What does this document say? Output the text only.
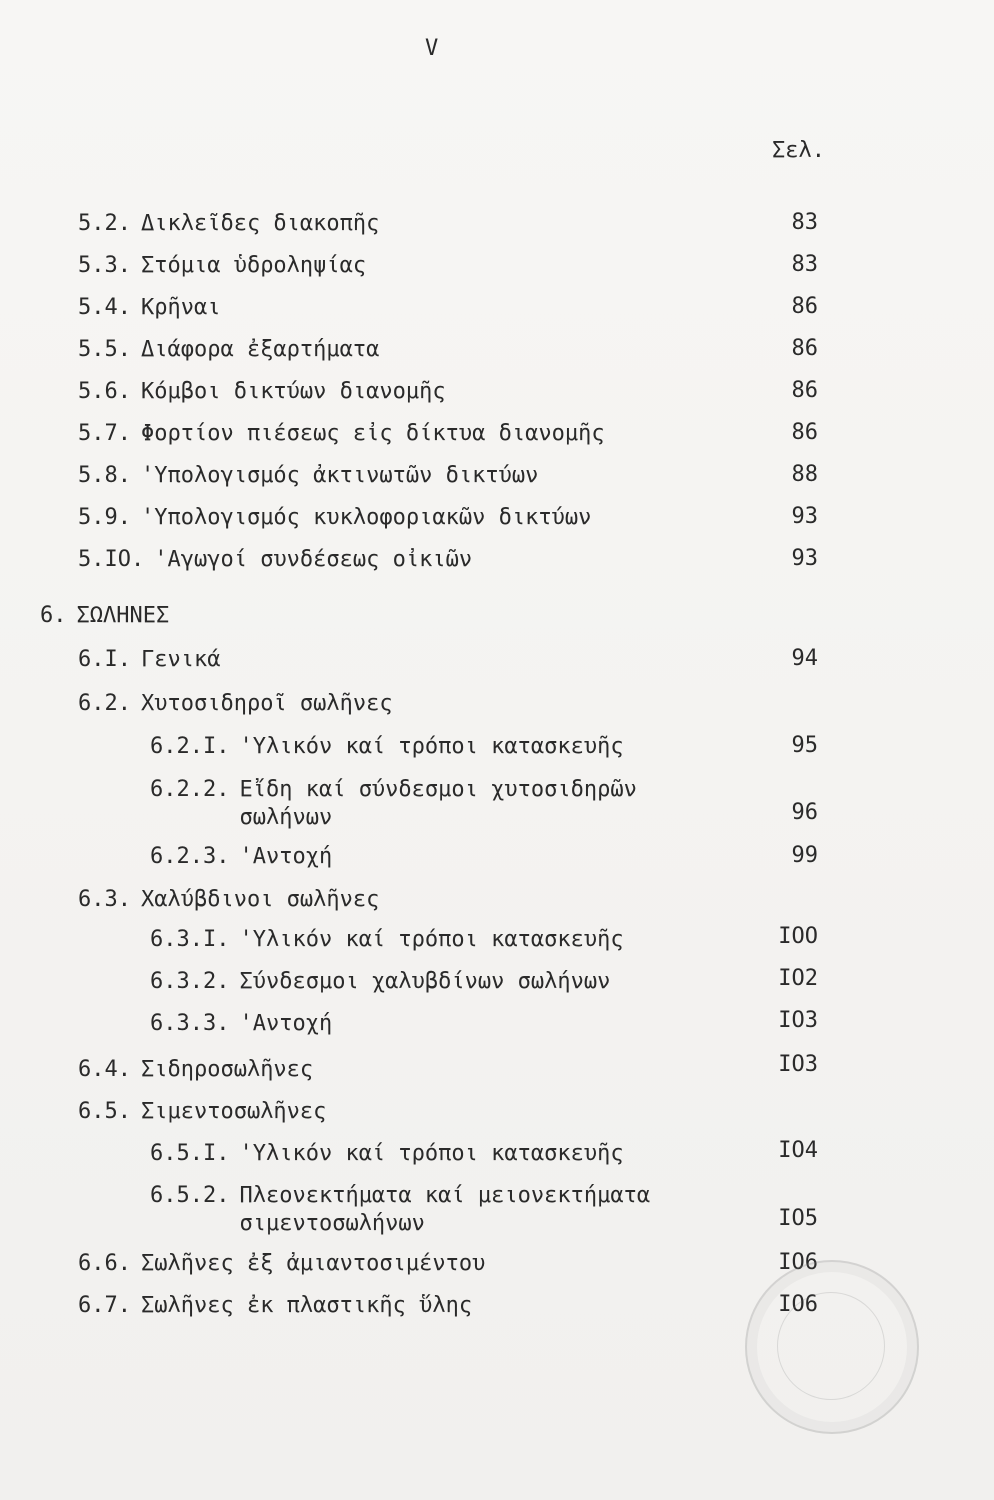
V
Σελ.
5.2. Δικλεῖδες διακοπῆς	83
5.3. Στόμια ὑδροληψίας	83
5.4. Κρῆναι	86
5.5. Διάφορα ἐξαρτήματα	86
5.6. Κόμβοι δικτύων διανομῆς	86
5.7. Φορτίον πιέσεως εἰς δίκτυα διανομῆς	86
5.8. 'Υπολογισμός ἀκτινωτῶν δικτύων	88
5.9. 'Υπολογισμός κυκλοφοριακῶν δικτύων	93
5.IO. 'Αγωγοί συνδέσεως οἰκιῶν	93
6. ΣΩΛΗΝΕΣ
6.I. Γενικά	94
6.2. Χυτοσιδηροῖ σωλῆνες
6.2.I. 'Υλικόν καί τρόποι κατασκευῆς	95
6.2.2. Εἴδη καί σύνδεσμοι χυτοσιδηρῶν σωλήνων	96
6.2.3. 'Αντοχή	99
6.3. Χαλύβδινοι σωλῆνες
6.3.I. 'Υλικόν καί τρόποι κατασκευῆς	IOO
6.3.2. Σύνδεσμοι χαλυβδίνων σωλήνων	IO2
6.3.3. 'Αντοχή	IO3
6.4. Σιδηροσωλῆνες	IO3
6.5. Σιμεντοσωλῆνες
6.5.I. 'Υλικόν καί τρόποι κατασκευῆς	IO4
6.5.2. Πλεονεκτήματα καί μειονεκτήματα σιμεντοσωλήνων	IO5
6.6. Σωλῆνες ἐξ ἀμιαντοσιμέντου	IO6
6.7. Σωλῆνες ἐκ πλαστικῆς ὕλης	IO6
